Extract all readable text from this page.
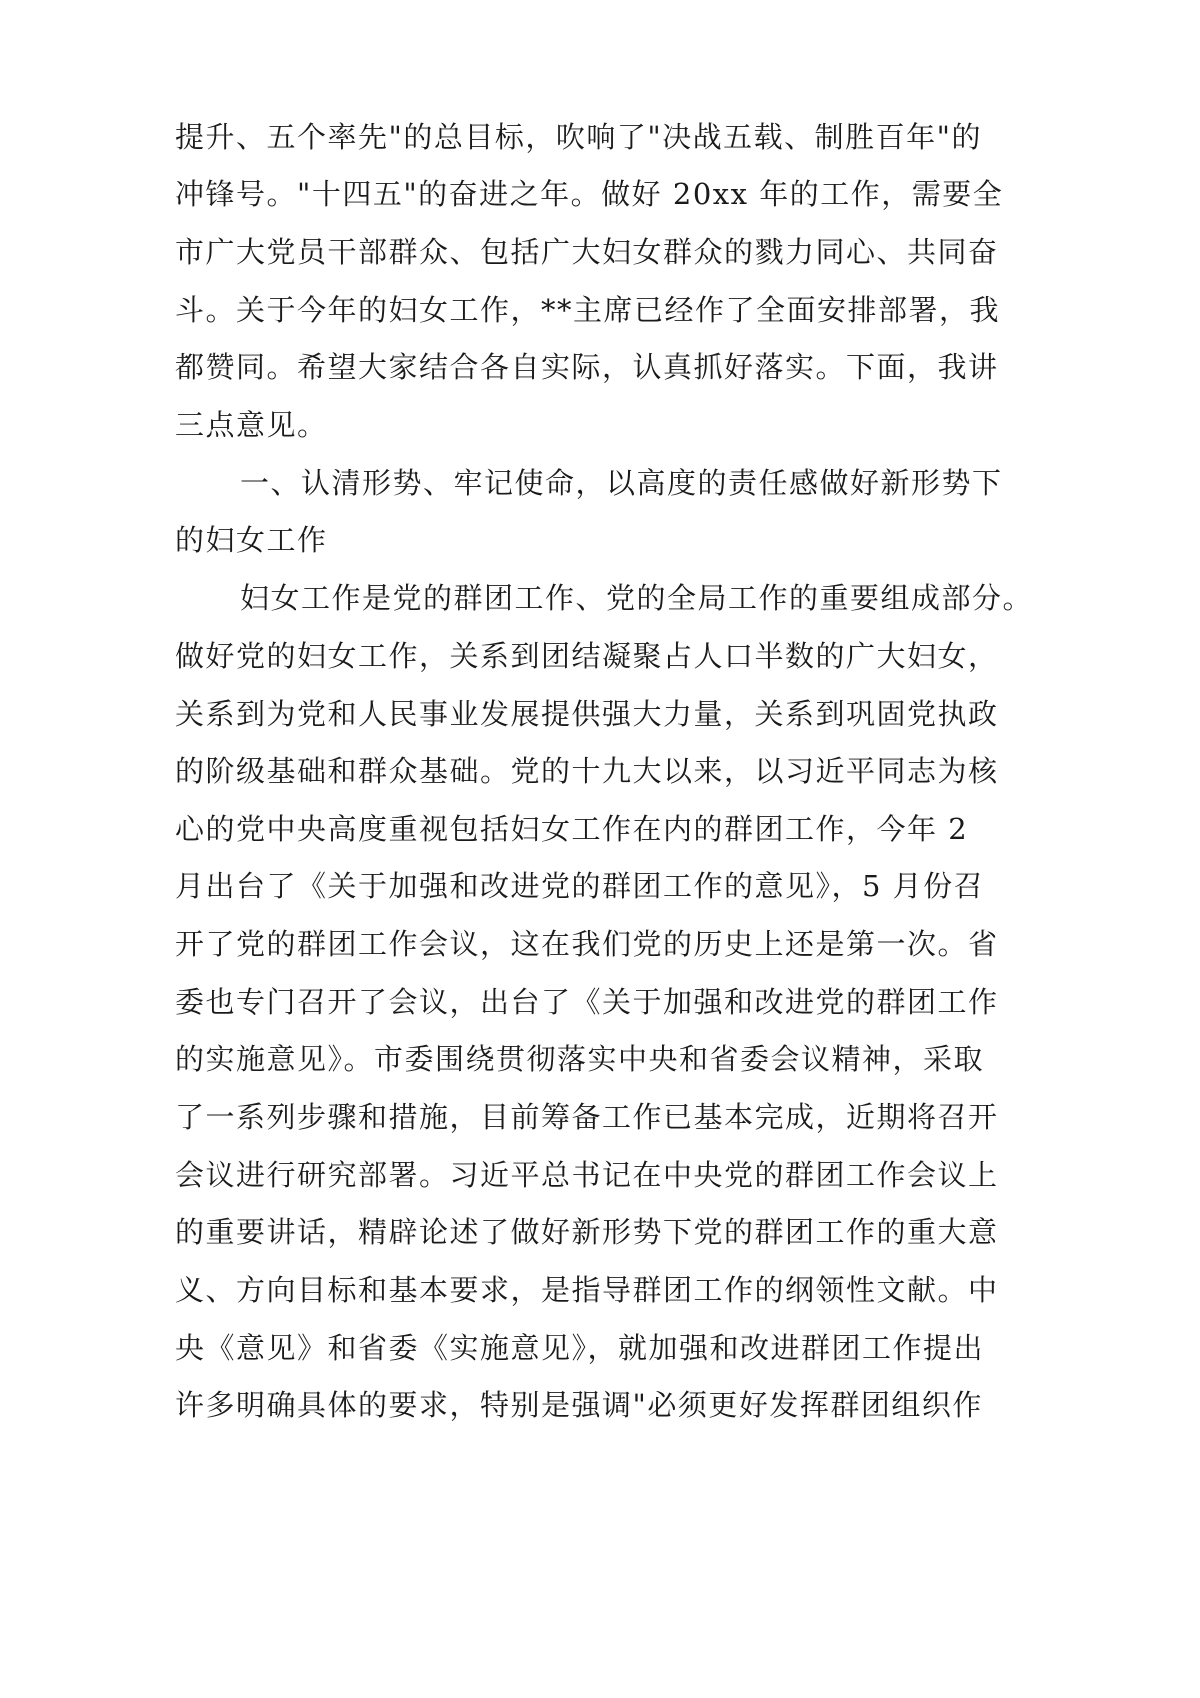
提升、五个率先"的总目标，吹响了"决战五载、制胜百年"的
冲锋号。"十四五"的奋进之年。做好 20xx 年的工作，需要全
市广大党员干部群众、包括广大妇女群众的戮力同心、共同奋
斗。关于今年的妇女工作，**主席已经作了全面安排部署，我
都赞同。希望大家结合各自实际，认真抓好落实。下面，我讲
三点意见。
一、认清形势、牢记使命，以高度的责任感做好新形势下
的妇女工作
妇女工作是党的群团工作、党的全局工作的重要组成部分。
做好党的妇女工作，关系到团结凝聚占人口半数的广大妇女，
关系到为党和人民事业发展提供强大力量，关系到巩固党执政
的阶级基础和群众基础。党的十九大以来，以习近平同志为核
心的党中央高度重视包括妇女工作在内的群团工作，今年 2
月出台了《关于加强和改进党的群团工作的意见》，5 月份召
开了党的群团工作会议，这在我们党的历史上还是第一次。省
委也专门召开了会议，出台了《关于加强和改进党的群团工作
的实施意见》。市委围绕贯彻落实中央和省委会议精神，采取
了一系列步骤和措施，目前筹备工作已基本完成，近期将召开
会议进行研究部署。习近平总书记在中央党的群团工作会议上
的重要讲话，精辟论述了做好新形势下党的群团工作的重大意
义、方向目标和基本要求，是指导群团工作的纲领性文献。中
央《意见》和省委《实施意见》，就加强和改进群团工作提出
许多明确具体的要求，特别是强调"必须更好发挥群团组织作
